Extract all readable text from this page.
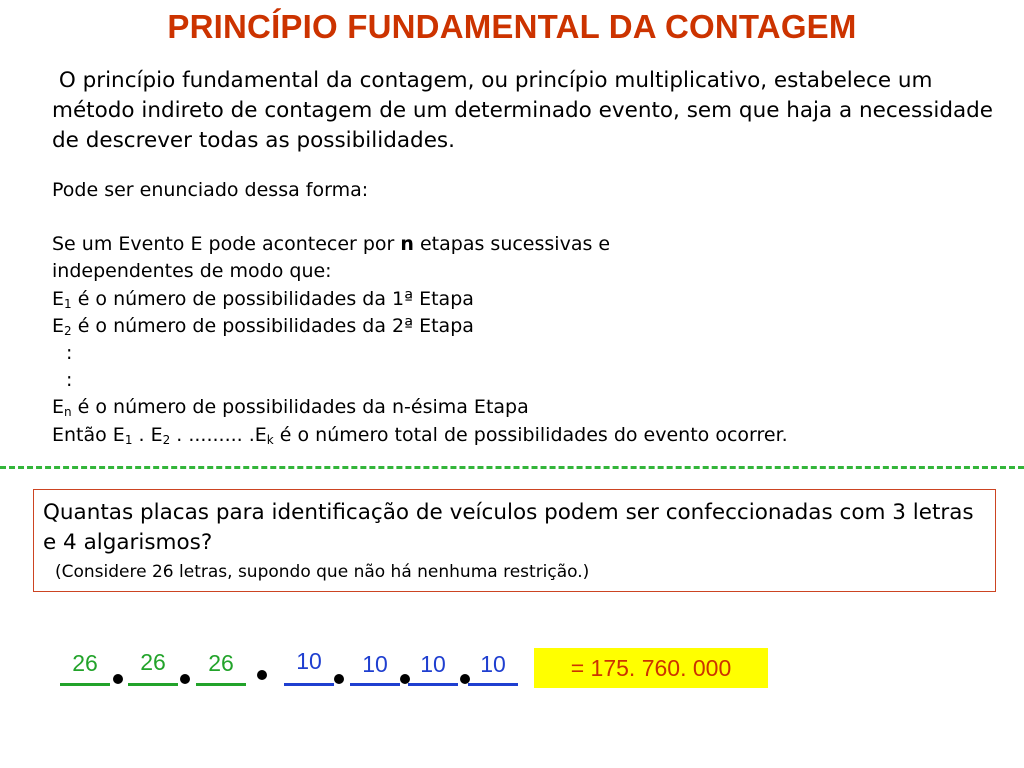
PRINCÍPIO FUNDAMENTAL DA CONTAGEM

O princípio fundamental da contagem, ou princípio multiplicativo, estabelece um método indireto de contagem de um determinado evento, sem que haja a necessidade de descrever todas as possibilidades.

Pode ser enunciado dessa forma:

Se um Evento E pode acontecer por n etapas sucessivas e

independentes de modo que:

$E_1$ é o número de possibilidades da 1ª Etapa

$E_2$ é o número de possibilidades da 2ª Etapa

:

:

$E_n$ é o número de possibilidades da n-ésima Etapa

Então $E_1$ . $E_2$ . ......... $.E_k$ é o número total de possibilidades do evento ocorrer.

Quantas placas para identificação de veículos podem ser confeccionadas com 3 letras e 4 algarismos?

(Considere 26 letras, supondo que não há nenhuma restrição.)

26	26	26	10	10	10	10	= 175. 760. 000
